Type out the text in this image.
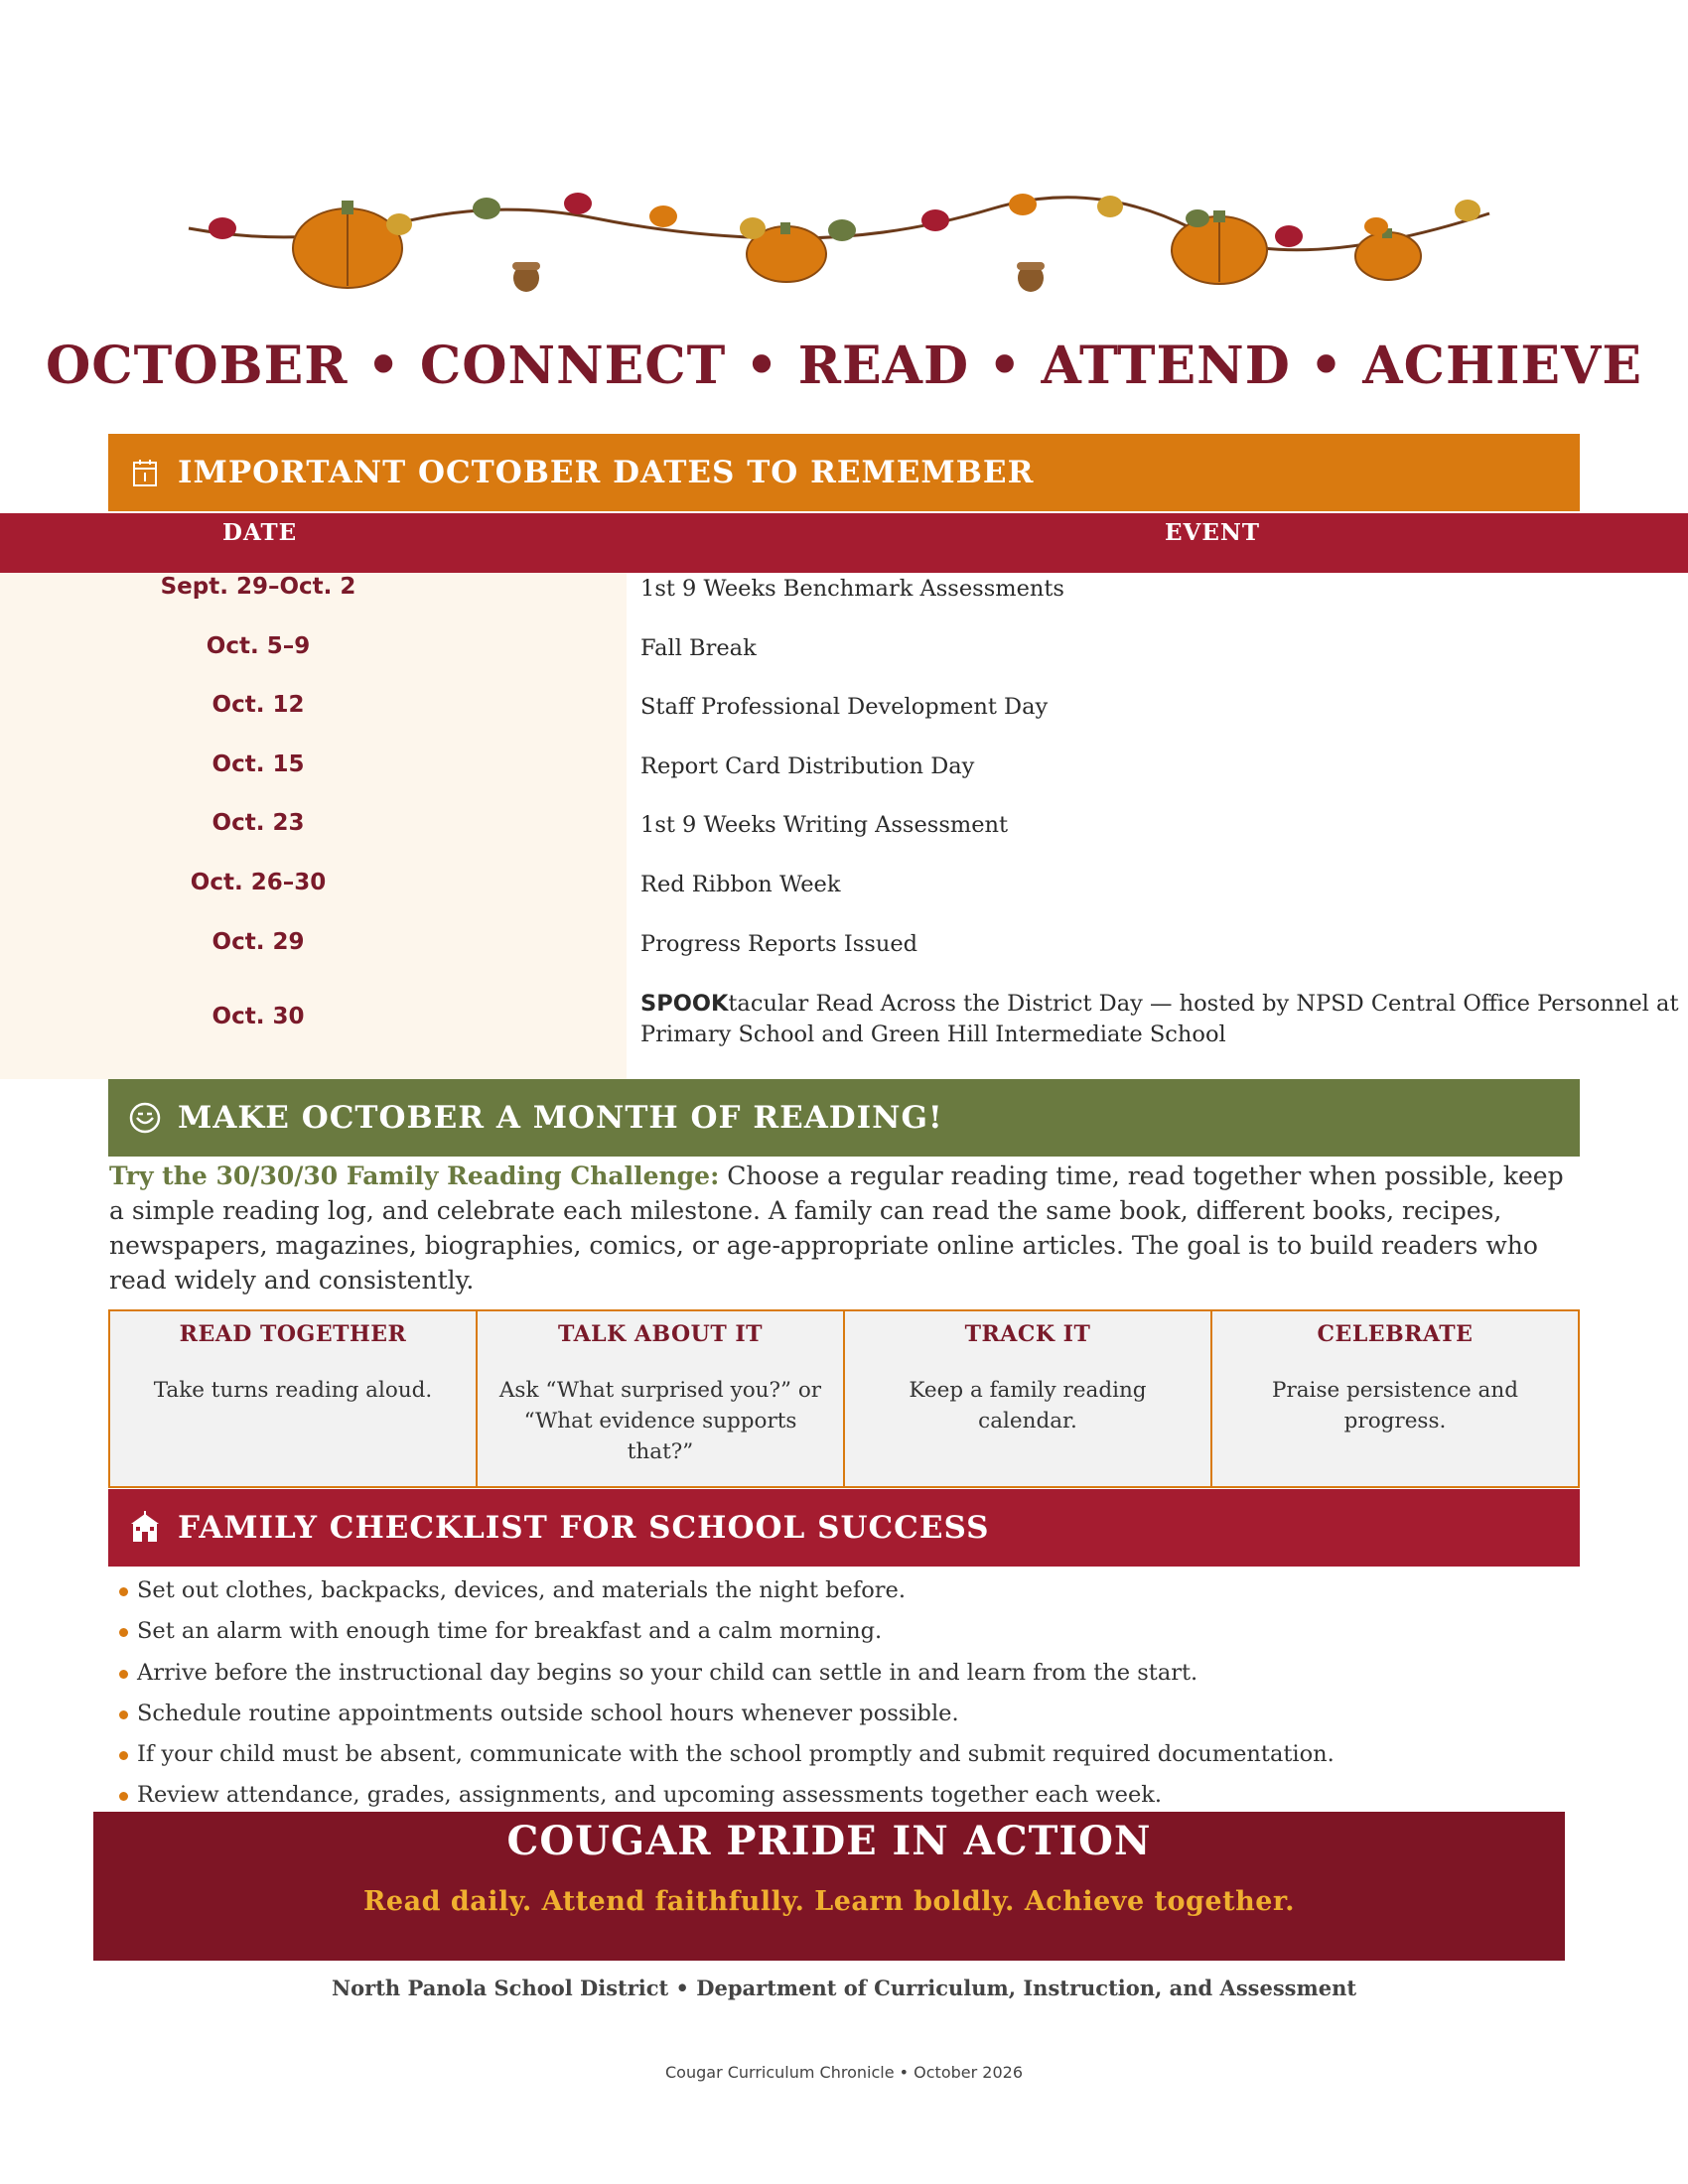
OCTOBER • CONNECT • READ • ATTEND • ACHIEVE
IMPORTANT OCTOBER DATES TO REMEMBER
DATE	EVENT
Sept. 29–Oct. 2	1st 9 Weeks Benchmark Assessments
Oct. 5–9	Fall Break
Oct. 12	Staff Professional Development Day
Oct. 15	Report Card Distribution Day
Oct. 23	1st 9 Weeks Writing Assessment
Oct. 26–30	Red Ribbon Week
Oct. 29	Progress Reports Issued
Oct. 30	SPOOKtacular Read Across the District Day — hosted by NPSD Central Office Personnel at
Primary School and Green Hill Intermediate School
MAKE OCTOBER A MONTH OF READING!
Try the 30/30/30 Family Reading Challenge: Choose a regular reading time, read together when possible, keep a simple reading log, and celebrate each milestone. A family can read the same book, different books, recipes, newspapers, magazines, biographies, comics, or age-appropriate online articles. The goal is to build readers who read widely and consistently.
READ TOGETHER
Take turns reading aloud.
TALK ABOUT IT
Ask “What surprised you?” or “What evidence supports that?”
TRACK IT
Keep a family reading calendar.
CELEBRATE
Praise persistence and progress.
FAMILY CHECKLIST FOR SCHOOL SUCCESS
Set out clothes, backpacks, devices, and materials the night before.
Set an alarm with enough time for breakfast and a calm morning.
Arrive before the instructional day begins so your child can settle in and learn from the start.
Schedule routine appointments outside school hours whenever possible.
If your child must be absent, communicate with the school promptly and submit required documentation.
Review attendance, grades, assignments, and upcoming assessments together each week.
COUGAR PRIDE IN ACTION
Read daily. Attend faithfully. Learn boldly. Achieve together.
North Panola School District • Department of Curriculum, Instruction, and Assessment
Cougar Curriculum Chronicle • October 2026
